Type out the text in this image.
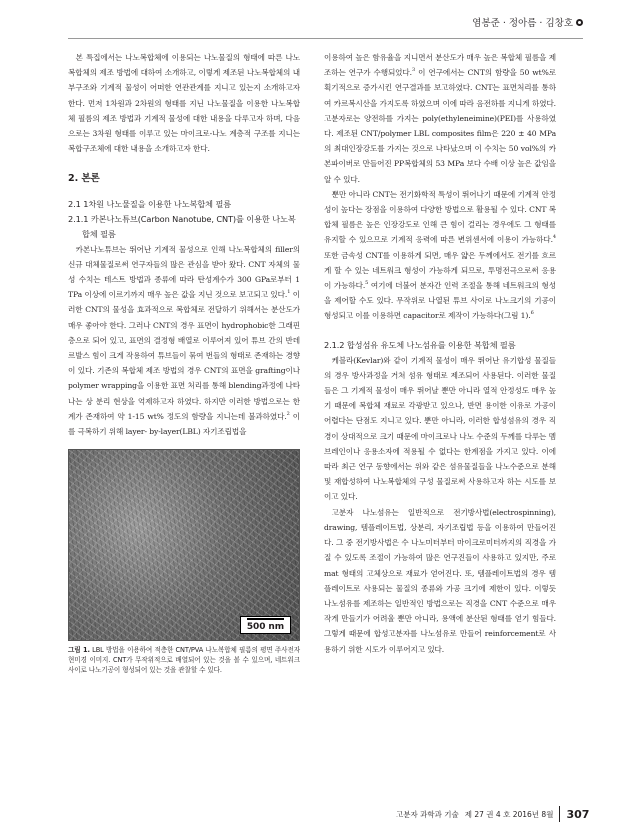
염봉준 · 정아름 · 김창호

본 특집에서는 나노복합체에 이용되는 나노물질의 형태에 따른 나노복합체의 제조 방법에 대하여 소개하고, 이렇게 제조된 나노복합체의 내부구조와 기계적 물성이 어떠한 연관관계를 지니고 있는지 소개하고자 한다. 먼저 1차원과 2차원의 형태를 지닌 나노물질을 이용한 나노복합체 필름의 제조 방법과 기계적 물성에 대한 내용을 다루고자 하며, 다음으로는 3차원 형태를 이루고 있는 마이크로-나노 계층적 구조를 지니는 복합구조체에 대한 내용을 소개하고자 한다.

2. 본론
2.1 1차원 나노물질을 이용한 나노복합체 필름
2.1.1 카본나노튜브(Carbon Nanotube, CNT)를 이용한 나노복합체 필름

카본나노튜브는 뛰어난 기계적 물성으로 인해 나노복합체의 filler의 신규 대체물질로써 연구자들의 많은 관심을 받아 왔다. CNT 자체의 물성 수치는 테스트 방법과 종류에 따라 탄성계수가 300 GPa로부터 1 TPa 이상에 이르기까지 매우 높은 값을 지닌 것으로 보고되고 있다.$^1$ 이러한 CNT의 물성을 효과적으로 복합체로 전달하기 위해서는 분산도가 매우 좋아야 한다. 그러나 CNT의 경우 표면이 hydrophobic한 그래핀 층으로 되어 있고, 표면의 결정형 배열로 이루어져 있어 튜브 간의 반데르발스 힘이 크게 작용하여 튜브들이 묶여 번들의 형태로 존재하는 경향이 있다. 기존의 복합체 제조 방법의 경우 CNT의 표면을 grafting이나 polymer wrapping을 이용한 표면 처리를 통해 blending과정에 나타나는 상 분리 현상을 억제하고자 하였다. 하지만 이러한 방법으로는 한계가 존재하여 약 1-15 wt% 정도의 함량을 지니는데 불과하였다.$^2$ 이를 극복하기 위해 layer- by-layer(LBL) 자기조립법을

500 nm
그림 1. LBL 방법을 이용하여 적층한 CNT/PVA 나노복합체 필름의 평면 주사전자현미경 이미지. CNT가 무작위적으로 배열되어 있는 것을 볼 수 있으며, 네트워크 사이로 나노기공이 형성되어 있는 것을 관찰할 수 있다.

이용하여 높은 함유율을 지니면서 분산도가 매우 높은 복합체 필름을 제조하는 연구가 수행되었다.$^3$ 이 연구에서는 CNT의 함량을 50 wt%로 획기적으로 증가시킨 연구결과를 보고하였다. CNT는 표면처리를 통하여 카르복시산을 가지도록 하였으며 이에 따라 음전하를 지니게 하였다. 고분자로는 양전하를 가지는 poly(ethyleneimine)(PEI)를 사용하였다. 제조된 CNT/polymer LBL composites film은 220 ± 40 MPa의 최대인장강도를 가지는 것으로 나타났으며 이 수치는 50 vol%의 카본파이버로 만들어진 PP복합체의 53 MPa 보다 수배 이상 높은 값임을 알 수 있다.

뿐만 아니라 CNT는 전기화학적 특성이 뛰어나기 때문에 기계적 안정성이 높다는 장점을 이용하여 다양한 방법으로 활용될 수 있다. CNT 복합체 필름은 높은 인장강도로 인해 큰 힘이 걸리는 경우에도 그 형태를 유지할 수 있으므로 기계적 응력에 따른 변위센서에 이용이 가능하다.$^4$ 또한 금속성 CNT를 이용하게 되면, 매우 얇은 두께에서도 전기를 흐르게 할 수 있는 네트워크 형성이 가능하게 되므로, 투명전극으로써 응용이 가능하다.$^5$ 여기에 더불어 분자간 인력 조절을 통해 네트워크의 형성을 제어할 수도 있다. 무작위로 나열된 튜브 사이로 나노크기의 기공이 형성되고 이를 이용하면 capacitor로 제작이 가능하다(그림 1).$^6$

2.1.2 합성섬유 유도체 나노섬유를 이용한 복합체 필름

케블라(Kevlar)와 같이 기계적 물성이 매우 뛰어난 유기합성 물질들의 경우 방사과정을 거쳐 섬유 형태로 제조되어 사용된다. 이러한 물질들은 그 기계적 물성이 매우 뛰어날 뿐만 아니라 열적 안정성도 매우 높기 때문에 복합체 재료로 각광받고 있으나, 반면 용이한 이유로 가공이 어렵다는 단점도 지니고 있다. 뿐만 아니라, 이러한 합성섬유의 경우 직경이 상대적으로 크기 때문에 마이크로나 나노 수준의 두께를 다루는 멤브레인이나 응용소자에 적용될 수 없다는 한계점을 가지고 있다. 이에 따라 최근 연구 동향에서는 위와 같은 섬유물질들을 나노수준으로 분해 및 재합성하여 나노복합체의 구성 물질로써 사용하고자 하는 시도를 보이고 있다.

고분자 나노섬유는 일반적으로 전기방사법(electrospinning), drawing, 템플레이트법, 상분리, 자기조립법 등을 이용하여 만들어진다. 그 중 전기방사법은 수 나노미터부터 마이크로미터까지의 직경을 가질 수 있도록 조절이 가능하여 많은 연구진들이 사용하고 있지만, 주로 mat 형태의 고체상으로 재료가 얻어진다. 또, 템플레이트법의 경우 템플레이트로 사용되는 물질의 종류와 가공 크기에 제한이 있다. 이렇듯 나노섬유를 제조하는 일반적인 방법으로는 직경을 CNT 수준으로 매우 작게 만들기가 어려울 뿐만 아니라, 용액에 분산된 형태를 얻기 힘들다. 그렇게 때문에 합성고분자를 나노섬유로 만들어 reinforcement로 사용하기 위한 시도가 이루어지고 있다.

고분자 과학과 기술 제 27 권 4 호 2016년 8월 307
